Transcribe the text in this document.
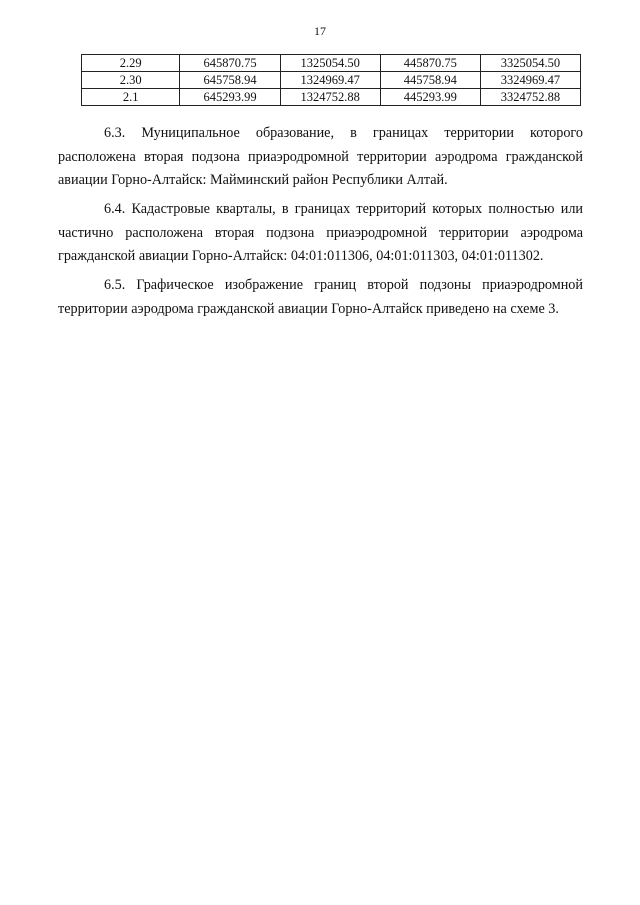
17
2.29	645870.75	1325054.50	445870.75	3325054.50
2.30	645758.94	1324969.47	445758.94	3324969.47
2.1	645293.99	1324752.88	445293.99	3324752.88

6.3. Муниципальное образование, в границах территории которого расположена вторая подзона приаэродромной территории аэродрома гражданской авиации Горно-Алтайск: Майминский район Республики Алтай.

6.4. Кадастровые кварталы, в границах территорий которых полностью или частично расположена вторая подзона приаэродромной территории аэродрома гражданской авиации Горно-Алтайск: 04:01:011306, 04:01:011303, 04:01:011302.

6.5. Графическое изображение границ второй подзоны приаэродромной территории аэродрома гражданской авиации Горно-Алтайск приведено на схеме 3.
